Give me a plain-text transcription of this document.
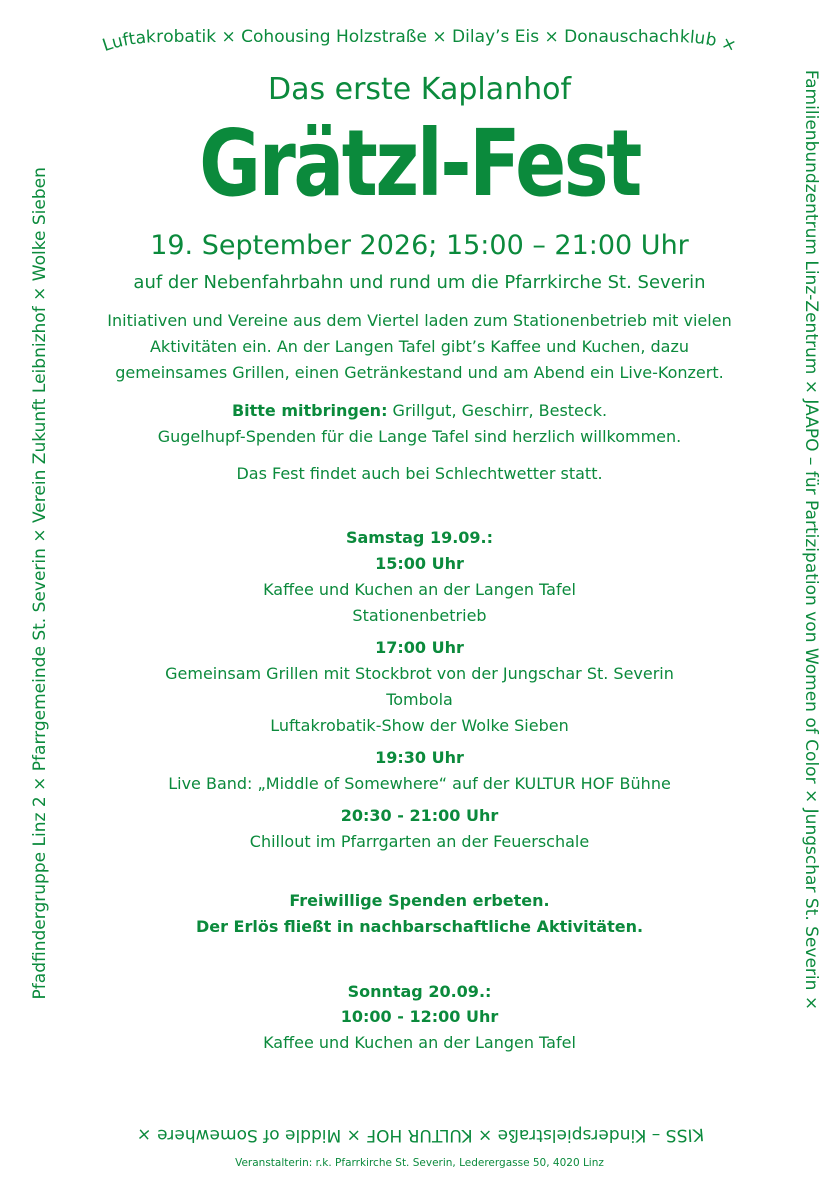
Luftakrobatik × Cohousing Holzstraße × Dilay’s Eis × Donauschachklub ×
Familienbundzentrum Linz-Zentrum × JAAPO – für Partizipation von Women of Color × Jungschar St. Severin ×
KISS – Kinderspielstraße × KULTUR HOF × Middle of Somewhere ×
Pfadfindergruppe Linz 2 × Pfarrgemeinde St. Severin × Verein Zukunft Leibnizhof × Wolke Sieben
Das erste Kaplanhof
Grätzl-Fest
19. September 2026; 15:00 – 21:00 Uhr
auf der Nebenfahrbahn und rund um die Pfarrkirche St. Severin
Initiativen und Vereine aus dem Viertel laden zum Stationenbetrieb mit vielen Aktivitäten ein. An der Langen Tafel gibt’s Kaffee und Kuchen, dazu gemeinsames Grillen, einen Getränkestand und am Abend ein Live-Konzert.
Bitte mitbringen: Grillgut, Geschirr, Besteck.
Gugelhupf-Spenden für die Lange Tafel sind herzlich willkommen.
Das Fest findet auch bei Schlechtwetter statt.
Samstag 19.09.:
15:00 Uhr
Kaffee und Kuchen an der Langen Tafel
Stationenbetrieb
17:00 Uhr
Gemeinsam Grillen mit Stockbrot von der Jungschar St. Severin
Tombola
Luftakrobatik-Show der Wolke Sieben
19:30 Uhr
Live Band: „Middle of Somewhere“ auf der KULTUR HOF Bühne
20:30 - 21:00 Uhr
Chillout im Pfarrgarten an der Feuerschale
Freiwillige Spenden erbeten.
Der Erlös fließt in nachbarschaftliche Aktivitäten.
Sonntag 20.09.:
10:00 - 12:00 Uhr
Kaffee und Kuchen an der Langen Tafel
Veranstalterin: r.k. Pfarrkirche St. Severin, Lederergasse 50, 4020 Linz
